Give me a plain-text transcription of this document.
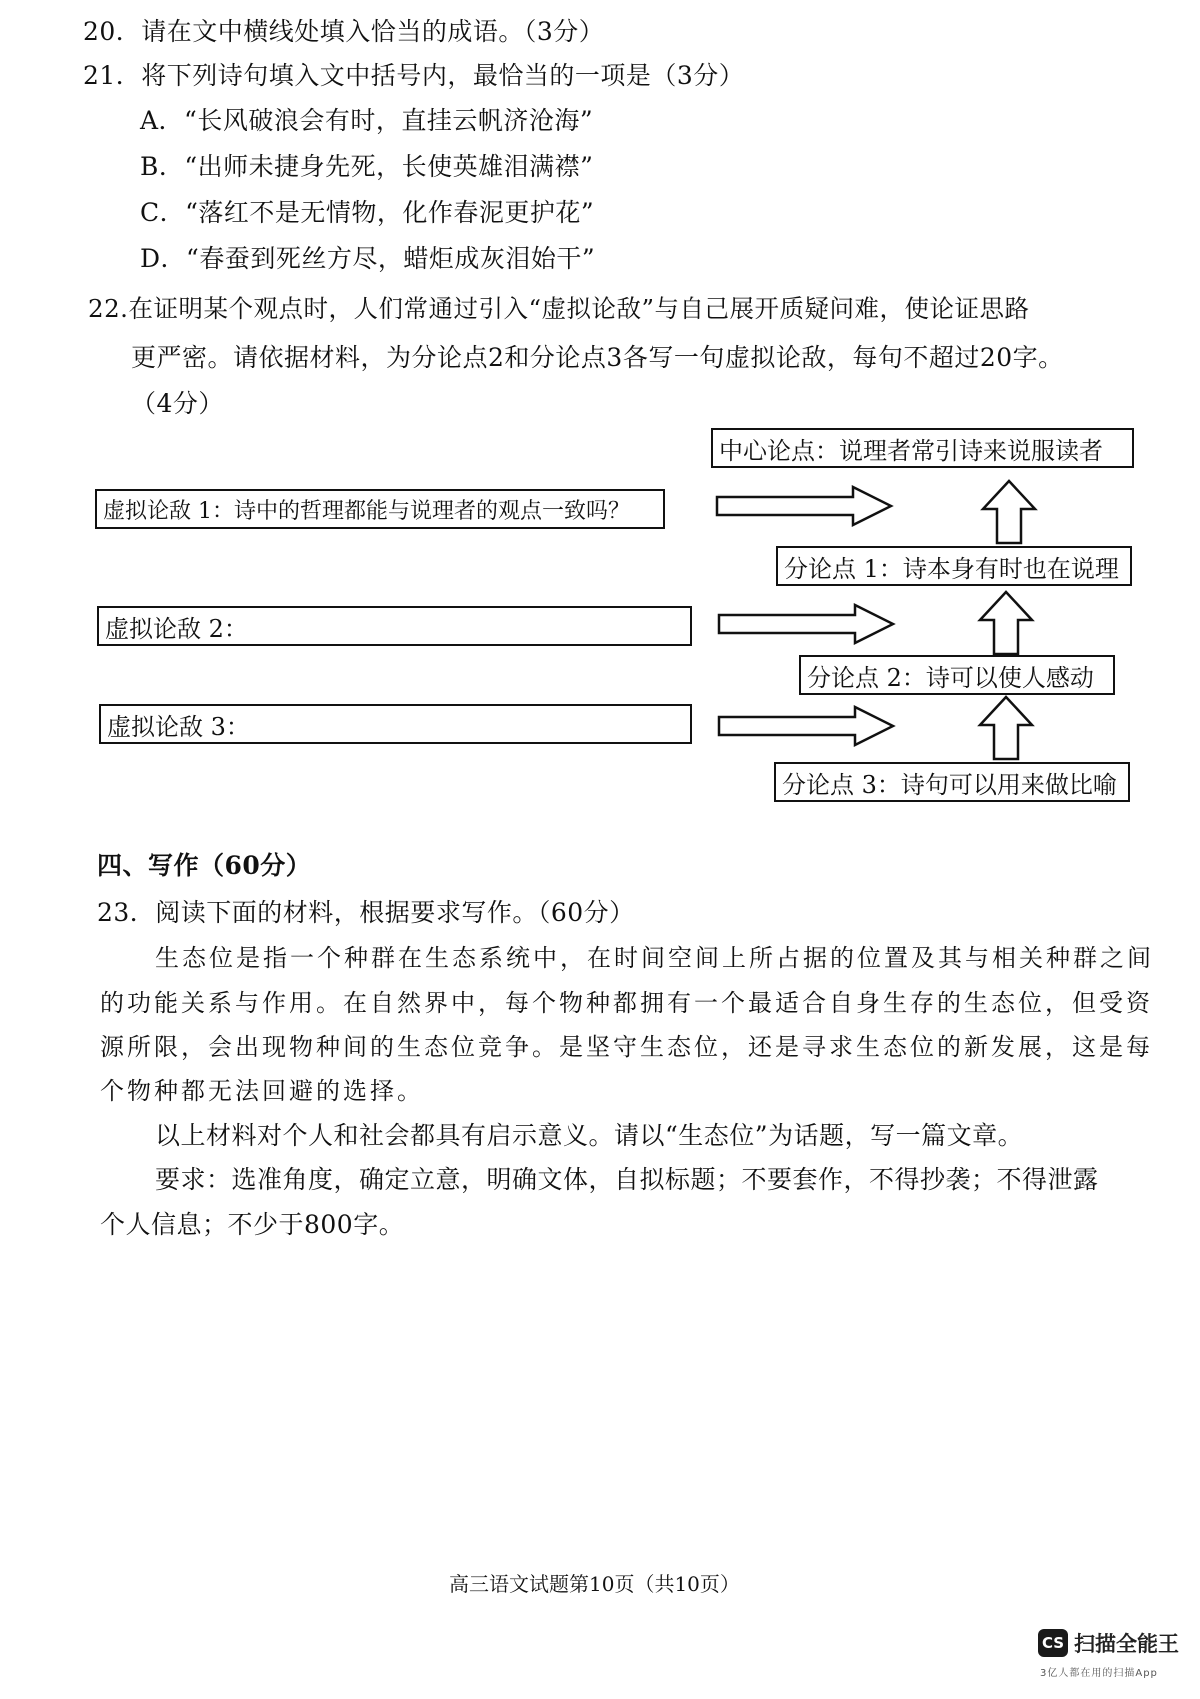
20．请在文中横线处填入恰当的成语。（3分）
21．将下列诗句填入文中括号内，最恰当的一项是（3分）
A．“长风破浪会有时，直挂云帆济沧海”
B．“出师未捷身先死，长使英雄泪满襟”
C．“落红不是无情物，化作春泥更护花”
D．“春蚕到死丝方尽，蜡炬成灰泪始干”
22.在证明某个观点时，人们常通过引入“虚拟论敌”与自己展开质疑问难，使论证思路
更严密。请依据材料，为分论点2和分论点3各写一句虚拟论敌，每句不超过20字。
（4分）
中心论点：说理者常引诗来说服读者
虚拟论敌 1：诗中的哲理都能与说理者的观点一致吗？
虚拟论敌 2：
虚拟论敌 3：
分论点 1：诗本身有时也在说理
分论点 2：诗可以使人感动
分论点 3：诗句可以用来做比喻
四、写作（60分）
23．阅读下面的材料，根据要求写作。（60分）
生态位是指一个种群在生态系统中，在时间空间上所占据的位置及其与相关种群之间
的功能关系与作用。在自然界中，每个物种都拥有一个最适合自身生存的生态位，但受资
源所限，会出现物种间的生态位竞争。是坚守生态位，还是寻求生态位的新发展，这是每
个物种都无法回避的选择。
以上材料对个人和社会都具有启示意义。请以“生态位”为话题，写一篇文章。
要求：选准角度，确定立意，明确文体，自拟标题；不要套作，不得抄袭；不得泄露
个人信息；不少于800字。
高三语文试题第10页（共10页）
CS 扫描全能王
3亿人都在用的扫描App
